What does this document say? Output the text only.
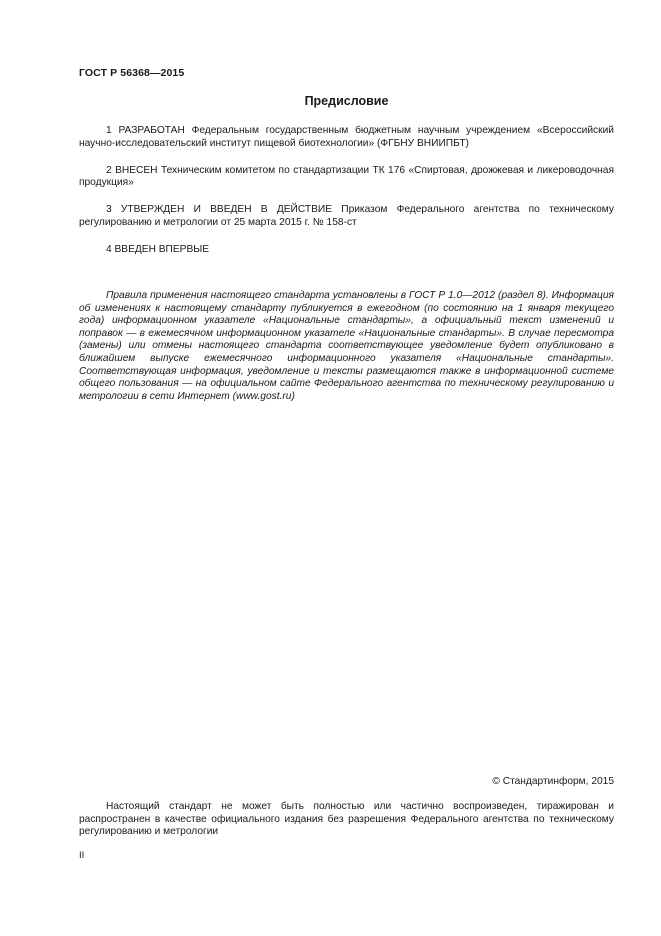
ГОСТ Р 56368—2015
Предисловие

1 РАЗРАБОТАН Федеральным государственным бюджетным научным учреждением «Всероссийский научно-исследовательский институт пищевой биотехнологии» (ФГБНУ ВНИИПБТ)

2 ВНЕСЕН Техническим комитетом по стандартизации ТК 176 «Спиртовая, дрожжевая и ликероводочная продукция»

3 УТВЕРЖДЕН И ВВЕДЕН В ДЕЙСТВИЕ Приказом Федерального агентства по техническому регулированию и метрологии от 25 марта 2015 г. № 158-ст

4 ВВЕДЕН ВПЕРВЫЕ

Правила применения настоящего стандарта установлены в ГОСТ Р 1.0—2012 (раздел 8). Информация об изменениях к настоящему стандарту публикуется в ежегодном (по состоянию на 1 января текущего года) информационном указателе «Национальные стандарты», а официальный текст изменений и поправок — в ежемесячном информационном указателе «Национальные стандарты». В случае пересмотра (замены) или отмены настоящего стандарта соответствующее уведомление будет опубликовано в ближайшем выпуске ежемесячного информационного указателя «Национальные стандарты». Соответствующая информация, уведомление и тексты размещаются также в информационной системе общего пользования — на официальном сайте Федерального агентства по техническому регулированию и метрологии в сети Интернет (www.gost.ru)

© Стандартинформ, 2015

Настоящий стандарт не может быть полностью или частично воспроизведен, тиражирован и распространен в качестве официального издания без разрешения Федерального агентства по техническому регулированию и метрологии

II
